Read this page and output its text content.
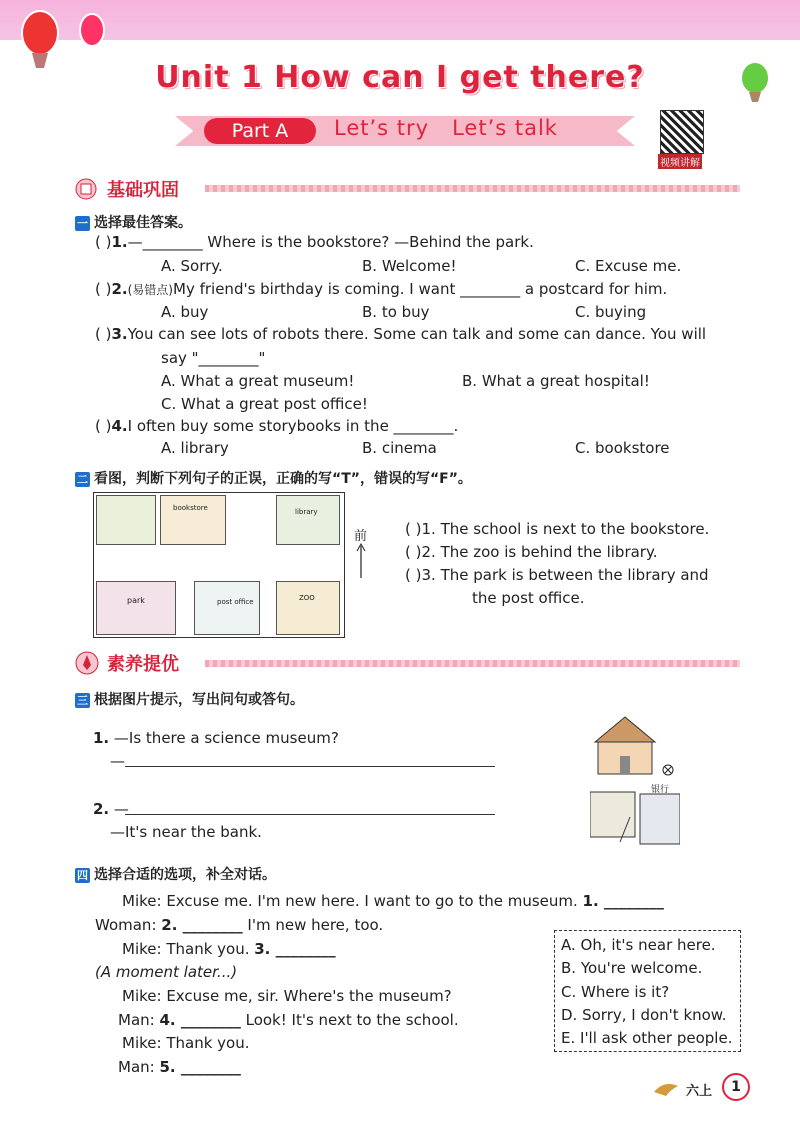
Unit 1 How can I get there?
Part A	Let’s try   Let’s talk
视频讲解
基础巩固
一 选择最佳答案。
( )1.—________ Where is the bookstore? —Behind the park.
A. Sorry.	B. Welcome!	C. Excuse me.
( )2.(易错点)My friend's birthday is coming. I want ________ a postcard for him.
A. buy	B. to buy	C. buying
( )3.You can see lots of robots there. Some can talk and some can dance. You will
say "________"
A. What a great museum!	B. What a great hospital!
C. What a great post office!
( )4.I often buy some storybooks in the ________.
A. library	B. cinema	C. bookstore
二 看图，判断下列句子的正误，正确的写“T”，错误的写“F”。
bookstore	library
park	post office	ZOO
前	( )1. The school is next to the bookstore.
( )2. The zoo is behind the library.
( )3. The park is between the library and
the post office.
素养提优
三 根据图片提示，写出问句或答句。
1. —Is there a science museum?
—
2. —
—It's near the bank.
银行
四 选择合适的选项，补全对话。
Mike: Excuse me. I'm new here. I want to go to the museum. 1. ________
Woman: 2. ________ I'm new here, too.
Mike: Thank you. 3. ________
(A moment later...)
Mike: Excuse me, sir. Where's the museum?
Man: 4. ________ Look! It's next to the school.
Mike: Thank you.
Man: 5. ________
A. Oh, it's near here.
B. You're welcome.
C. Where is it?
D. Sorry, I don't know.
E. I'll ask other people.
六上	1
